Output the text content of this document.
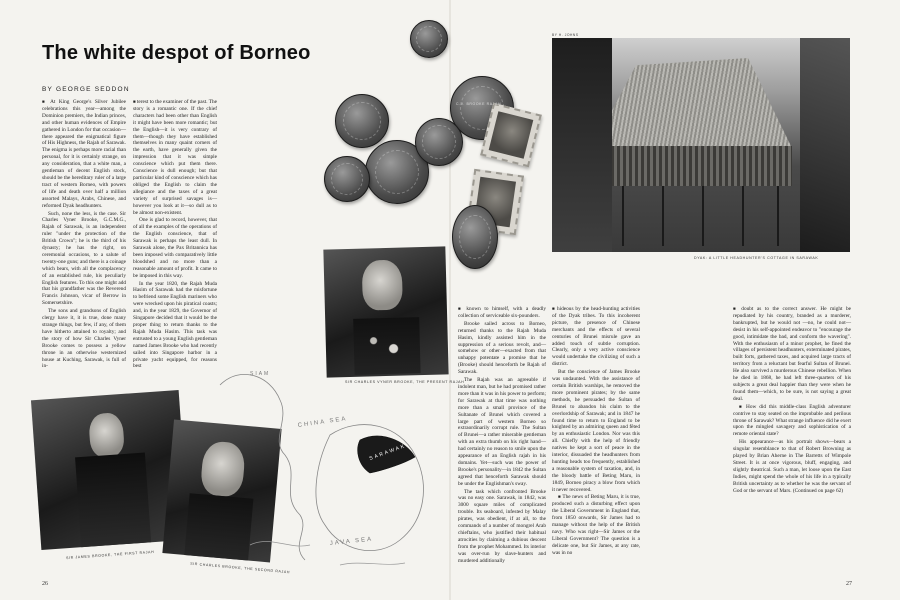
The white despot of Borneo
BY GEORGE SEDDON

■ At King George's Silver Jubilee celebrations this year—among the Dominion premiers, the Indian princes, and other human evidences of Empire gathered in London for that occasion—there appeared the enigmatical figure of His Highness, the Rajah of Sarawak. The enigma is perhaps more racial than personal, for it is certainly strange, on any consideration, that a white man, a gentleman of decent English stock, should be the hereditary ruler of a large tract of western Borneo, with powers of life and death over half a million assorted Malays, Arabs, Chinese, and reformed Dyak headhunters.

Such, none the less, is the case. Sir Charles Vyner Brooke, G.C.M.G., Rajah of Sarawak, is an independent ruler "under the protection of the British Crown"; he is the third of his dynasty; he has the right, on ceremonial occasions, to a salute of twenty-one guns; and there is a coinage which bears, with all the complacency of an established rule, his peculiarly English features. To this one might add that his grandfather was the Reverend Francis Johnson, vicar of Berrow in Somersetshire.

The sons and grandsons of English clergy have it, it is true, done many strange things, but few, if any, of them have hitherto attained to royalty; and the story of how Sir Charles Vyner Brooke comes to possess a yellow throne in an otherwise westernized house at Kuching, Sarawak, is full of in-

■ terest to the examiner of the past. The story is a romantic one. If the chief characters had been other than English it might have been more romantic; but the English—it is very contrary of them—though they have established themselves in many quaint corners of the earth, have generally given the impression that it was simple conscience which put them there. Conscience is dull enough; but that particular kind of conscience which has obliged the English to claim the allegiance and the taxes of a great variety of surprised savages is—however you look at it—so dull as to be almost non-existent.

One is glad to record, however, that of all the examples of the operations of the English conscience, that of Sarawak is perhaps the least dull. In Sarawak alone, the Pax Britannica has been imposed with comparatively little bloodshed and no more than a reasonable amount of profit. It came to be imposed in this way.

In the year 1820, the Rajah Muda Hasim of Sarawak had the misfortune to befriend some English mariners who were wrecked upon his piratical coasts; and, in the year 1829, the Governor of Singapore decided that it would be the proper thing to return thanks to the Rajah Muda Hasim. This task was entrusted to a young English gentleman named James Brooke who had recently sailed into Singapore harbor in a private yacht equipped, for reasons best

C.V. BROOKE RAJAH
SIR CHARLES VYNER BROOKE, THE PRESENT RAJAH
SIR JAMES BROOKE, THE FIRST RAJAH
SIR CHARLES BROOKE, THE SECOND RAJAH
CHINA SEA
SARAWAK
JAVA SEA
SIAM

■ known to himself, with a deadly collection of serviceable six-pounders.

Brooke sailed across to Borneo, returned thanks to the Rajah Muda Hasim, kindly assisted him in the suppression of a serious revolt, and—somehow or other—exacted from that unhappy potentate a promise that he (Brooke) should henceforth be Rajah of Sarawak.

The Rajah was an agreeable if indolent man, but he had promised rather more than it was in his power to perform; for Sarawak at that time was nothing more than a small province of the Sultanate of Brunei which covered a large part of western Borneo so extraordinarily corrupt rule. The Sultan of Brunei—a rather miserable gentleman with an extra thumb on his right hand—had certainly no reason to smile upon the appearance of an English rajah in his domains. Yet—such was the power of Brooke's personality—in 1842 the Sultan agreed that henceforth Sarawak should be under the Englishman's sway.

The task which confronted Brooke was no easy one. Sarawak, in 1842, was 3000 square miles of complicated trouble. Its seaboard, infested by Malay pirates, was obedient, if at all, to the commands of a number of mongrel Arab chieftains, who justified their habitual atrocities by claiming a dubious descent from the prophet Mohammed. Its interior was over-run by slave-hunters and murdered additionally

BY H. JOHNS
DYAK: A LITTLE HEADHUNTER'S COTTAGE IN SARAWAK

■ hideous by the head-hunting activities of the Dyak tribes. To this incoherent picture, the presence of Chinese merchants and the effects of several centuries of Brunei misrule gave an added touch of subtle corruption. Clearly, only a very active conscience would undertake the civilizing of such a district.

But the conscience of James Brooke was undaunted. With the assistance of certain British warships, he removed the more prominent pirates; by the same methods, he persuaded the Sultan of Brunei to abandon his claim to the overlordship of Sarawak; and in 1847 he found time to return to England to be knighted by an admiring queen and fêted by an enthusiastic London. Nor was this all. Chiefly with the help of friendly natives he kept a sort of peace in the interior, dissuaded the headhunters from hunting heads too frequently, established a reasonable system of taxation, and, in the bloody battle of Beting Maru, in 1849, Borneo piracy a blow from which it never recovered.

■ The news of Beting Maru, it is true, produced such a disturbing effect upon the Liberal Government in England that, from 1850 onwards, Sir James had to manage without the help of the British navy. Who was right—Sir James or the Liberal Government? The question is a delicate one, but Sir James, at any rate, was in no

■ doubt as to the correct answer. He might be repudiated by his country, branded as a murderer, bankrupted, but he would not —no, he could not—desist in his self-appointed endeavor to "encourage the good, intimidate the bad, and conform the wavering". With the enthusiasm of a minor prophet, he fined the villages of persistent headhunters, exterminated pirates, built forts, gathered taxes, and acquired large tracts of territory from a reluctant but fearful Sultan of Brunei. He also survived a murderous Chinese rebellion. When he died in 1868, he had left three-quarters of his subjects a great deal happier than they were when he found them—which, to be sure, is not saying a great deal.

■ How did this middle-class English adventurer contrive to stay seated on the improbable and perilous throne of Sarawak? What strange influence did he exert upon the mingled savagery and sophistication of a remote oriental state?

His appearance—as his portrait shows—bears a singular resemblance to that of Robert Browning as played by Brian Aherne in The Barretts of Wimpole Street. It is at once vigorous, bluff, engaging, and slightly theatrical. Such a man, let loose upon the East Indies, might spend the whole of his life in a typically British uncertainty as to whether he was the servant of God or the servant of Mars. (Continued on page 62)

26	27
